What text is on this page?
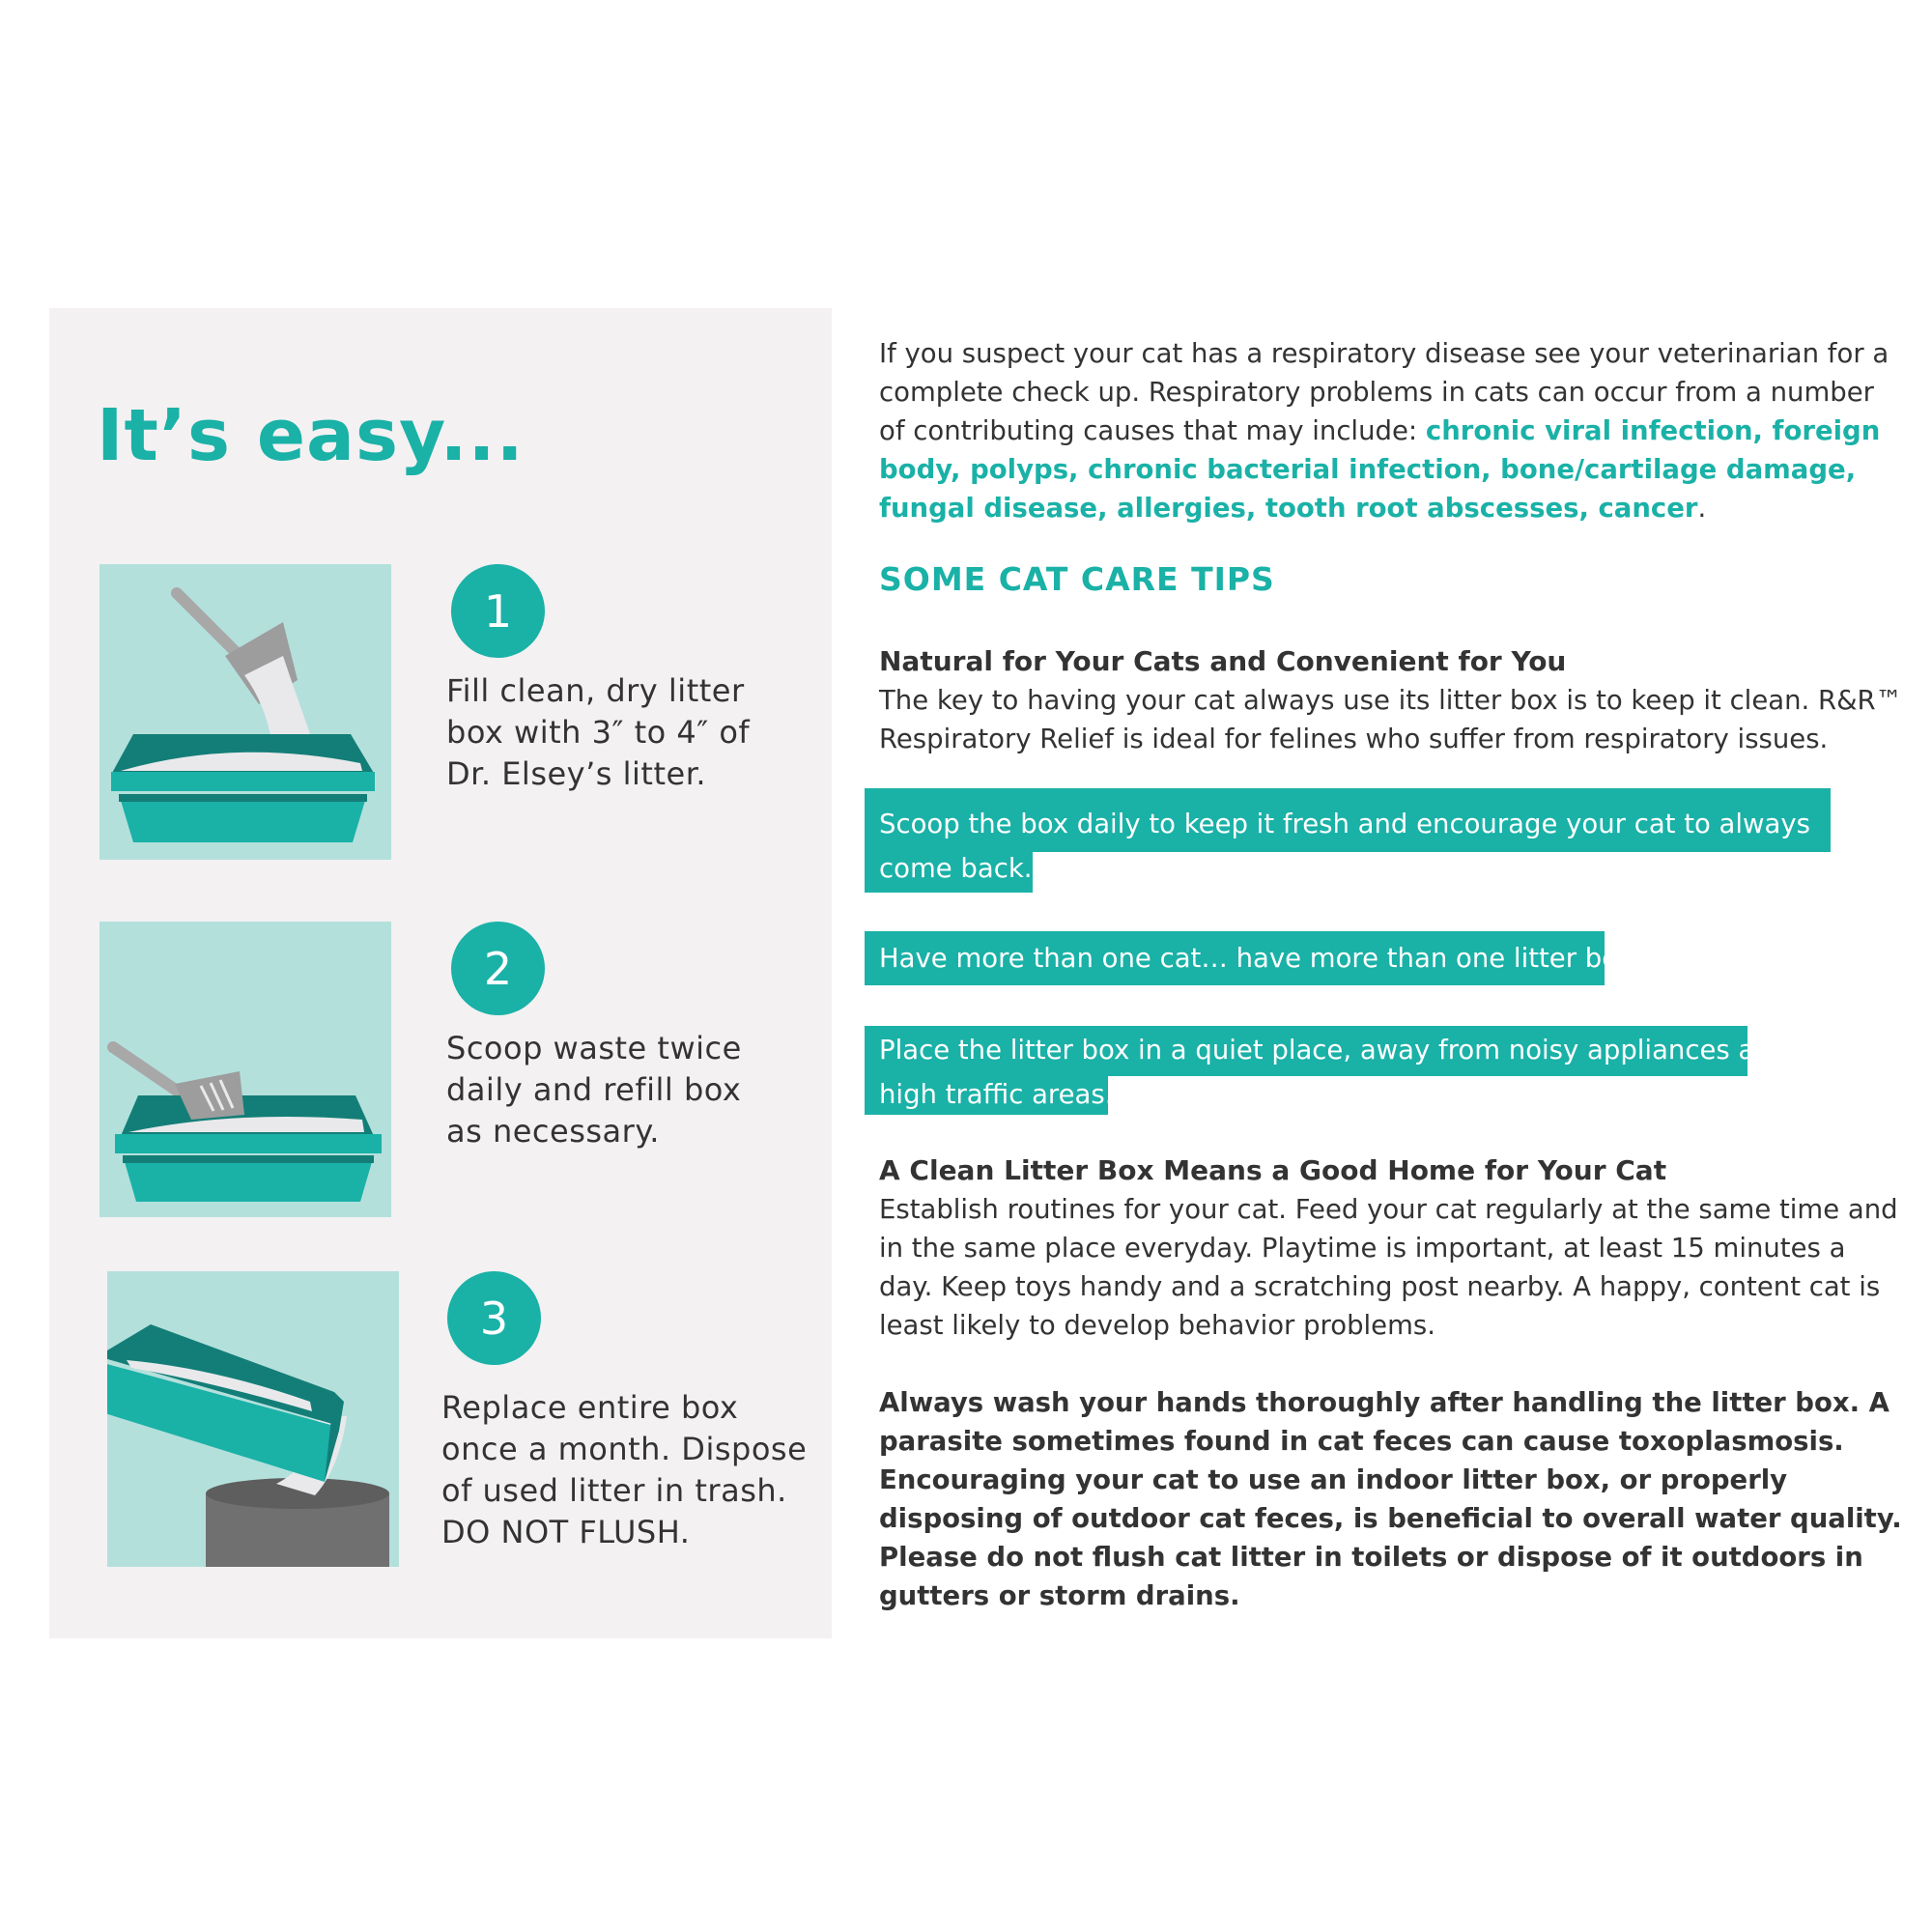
It’s easy...
1
Fill clean, dry litter
box with 3″ to 4″ of
Dr. Elsey’s litter.
2
Scoop waste twice
daily and refill box
as necessary.
3
Replace entire box
once a month. Dispose
of used litter in trash.
DO NOT FLUSH.

If you suspect your cat has a respiratory disease see your veterinarian for a complete check up. Respiratory problems in cats can occur from a number of contributing causes that may include: chronic viral infection, foreign body, polyps, chronic bacterial infection, bone/cartilage damage, fungal disease, allergies, tooth root abscesses, cancer.

SOME CAT CARE TIPS

Natural for Your Cats and Convenient for You

The key to having your cat always use its litter box is to keep it clean. R&R™ Respiratory Relief is ideal for felines who suffer from respiratory issues.

Scoop the box daily to keep it fresh and encourage your cat to always
come back.
Have more than one cat… have more than one litter box.
Place the litter box in a quiet place, away from noisy appliances and
high traffic areas.

A Clean Litter Box Means a Good Home for Your Cat

Establish routines for your cat. Feed your cat regularly at the same time and in the same place everyday. Playtime is important, at least 15 minutes a day. Keep toys handy and a scratching post nearby. A happy, content cat is least likely to develop behavior problems.

Always wash your hands thoroughly after handling the litter box. A parasite sometimes found in cat feces can cause toxoplasmosis. Encouraging your cat to use an indoor litter box, or properly disposing of outdoor cat feces, is beneficial to overall water quality. Please do not flush cat litter in toilets or dispose of it outdoors in gutters or storm drains.
